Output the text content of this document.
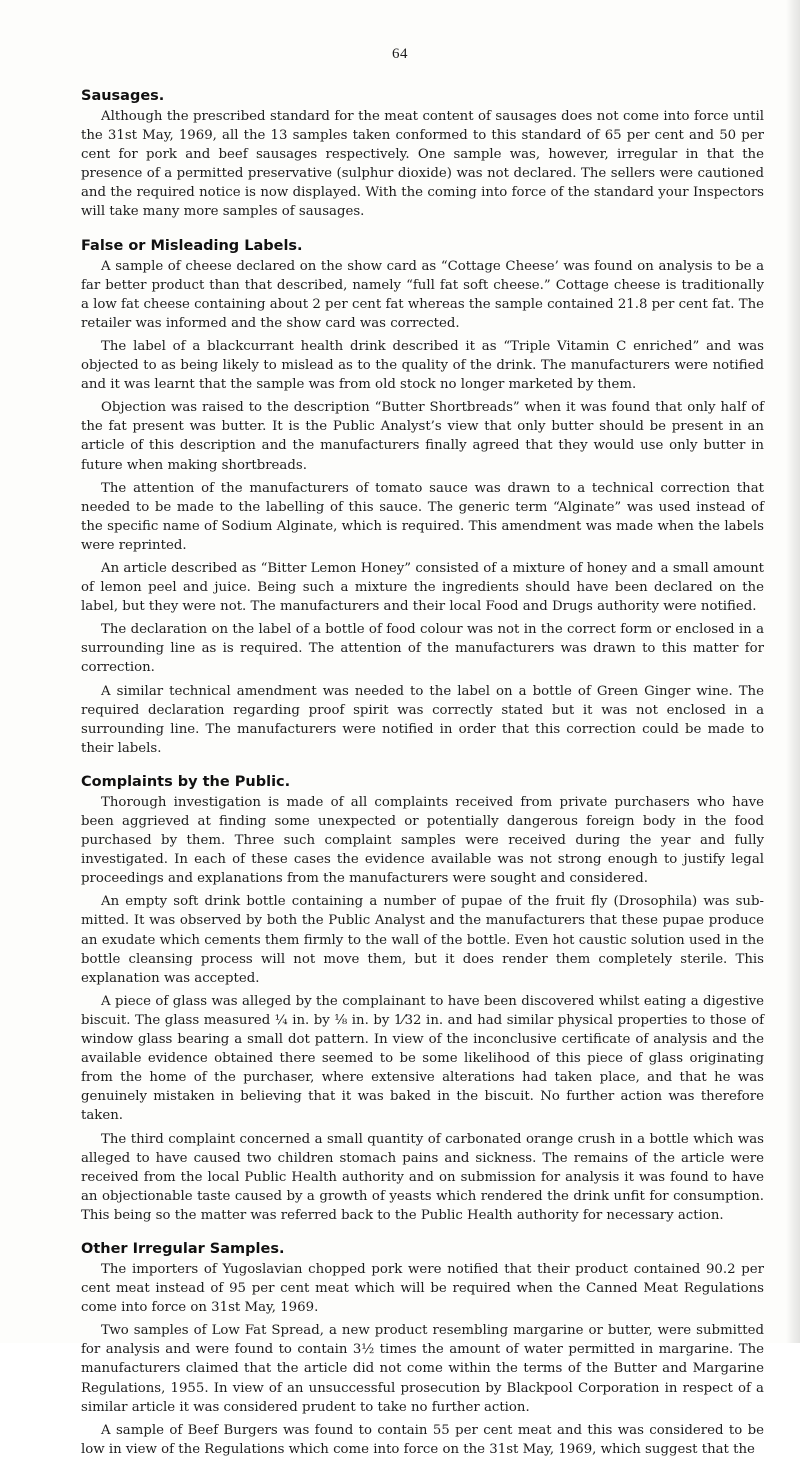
64
Sausages.

Although the prescribed standard for the meat content of sausages does not come into force until the 31st May, 1969, all the 13 samples taken conformed to this standard of 65 per cent and 50 per cent for pork and beef sausages respectively. One sample was, however, irregular in that the presence of a permitted preservative (sulphur dioxide) was not declared. The sellers were cautioned and the required notice is now displayed. With the coming into force of the standard your Inspectors will take many more samples of sausages.

False or Misleading Labels.

A sample of cheese declared on the show card as “Cottage Cheese’ was found on analysis to be a far better product than that described, namely “full fat soft cheese.” Cottage cheese is traditionally a low fat cheese containing about 2 per cent fat whereas the sample contained 21.8 per cent fat. The retailer was informed and the show card was corrected.

The label of a blackcurrant health drink described it as “Triple Vitamin C enriched” and was objected to as being likely to mislead as to the quality of the drink. The manufacturers were notified and it was learnt that the sample was from old stock no longer marketed by them.

Objection was raised to the description “Butter Shortbreads” when it was found that only half of the fat present was butter. It is the Public Analyst’s view that only butter should be present in an article of this description and the manufacturers finally agreed that they would use only butter in future when making shortbreads.

The attention of the manufacturers of tomato sauce was drawn to a technical correction that needed to be made to the labelling of this sauce. The generic term “Alginate” was used instead of the specific name of Sodium Alginate, which is required. This amendment was made when the labels were reprinted.

An article described as “Bitter Lemon Honey” consisted of a mixture of honey and a small amount of lemon peel and juice. Being such a mixture the ingredients should have been declared on the label, but they were not. The manufacturers and their local Food and Drugs authority were notified.

The declaration on the label of a bottle of food colour was not in the correct form or enclosed in a surrounding line as is required. The attention of the manufacturers was drawn to this matter for correction.

A similar technical amendment was needed to the label on a bottle of Green Ginger wine. The required declaration regarding proof spirit was correctly stated but it was not enclosed in a surrounding line. The manufacturers were notified in order that this correction could be made to their labels.

Complaints by the Public.

Thorough investigation is made of all complaints received from private purchasers who have been aggrieved at finding some unexpected or potentially dangerous foreign body in the food purchased by them. Three such complaint samples were received during the year and fully investigated. In each of these cases the evidence available was not strong enough to justify legal proceedings and explanations from the manufacturers were sought and considered.

An empty soft drink bottle containing a number of pupae of the fruit fly (Drosophila) was sub-mitted. It was observed by both the Public Analyst and the manufacturers that these pupae produce an exudate which cements them firmly to the wall of the bottle. Even hot caustic solution used in the bottle cleansing process will not move them, but it does render them completely sterile. This explanation was accepted.

A piece of glass was alleged by the complainant to have been discovered whilst eating a digestive biscuit. The glass measured ¼ in. by ⅛ in. by 1⁄32 in. and had similar physical properties to those of window glass bearing a small dot pattern. In view of the inconclusive certificate of analysis and the available evidence obtained there seemed to be some likelihood of this piece of glass originating from the home of the purchaser, where extensive alterations had taken place, and that he was genuinely mistaken in believing that it was baked in the biscuit. No further action was therefore taken.

The third complaint concerned a small quantity of carbonated orange crush in a bottle which was alleged to have caused two children stomach pains and sickness. The remains of the article were received from the local Public Health authority and on submission for analysis it was found to have an objectionable taste caused by a growth of yeasts which rendered the drink unfit for consumption. This being so the matter was referred back to the Public Health authority for necessary action.

Other Irregular Samples.

The importers of Yugoslavian chopped pork were notified that their product contained 90.2 per cent meat instead of 95 per cent meat which will be required when the Canned Meat Regulations come into force on 31st May, 1969.

Two samples of Low Fat Spread, a new product resembling margarine or butter, were submitted for analysis and were found to contain 3½ times the amount of water permitted in margarine. The manufacturers claimed that the article did not come within the terms of the Butter and Margarine Regulations, 1955. In view of an unsuccessful prosecution by Blackpool Corporation in respect of a similar article it was considered prudent to take no further action.

A sample of Beef Burgers was found to contain 55 per cent meat and this was considered to be low in view of the Regulations which come into force on the 31st May, 1969, which suggest that the
